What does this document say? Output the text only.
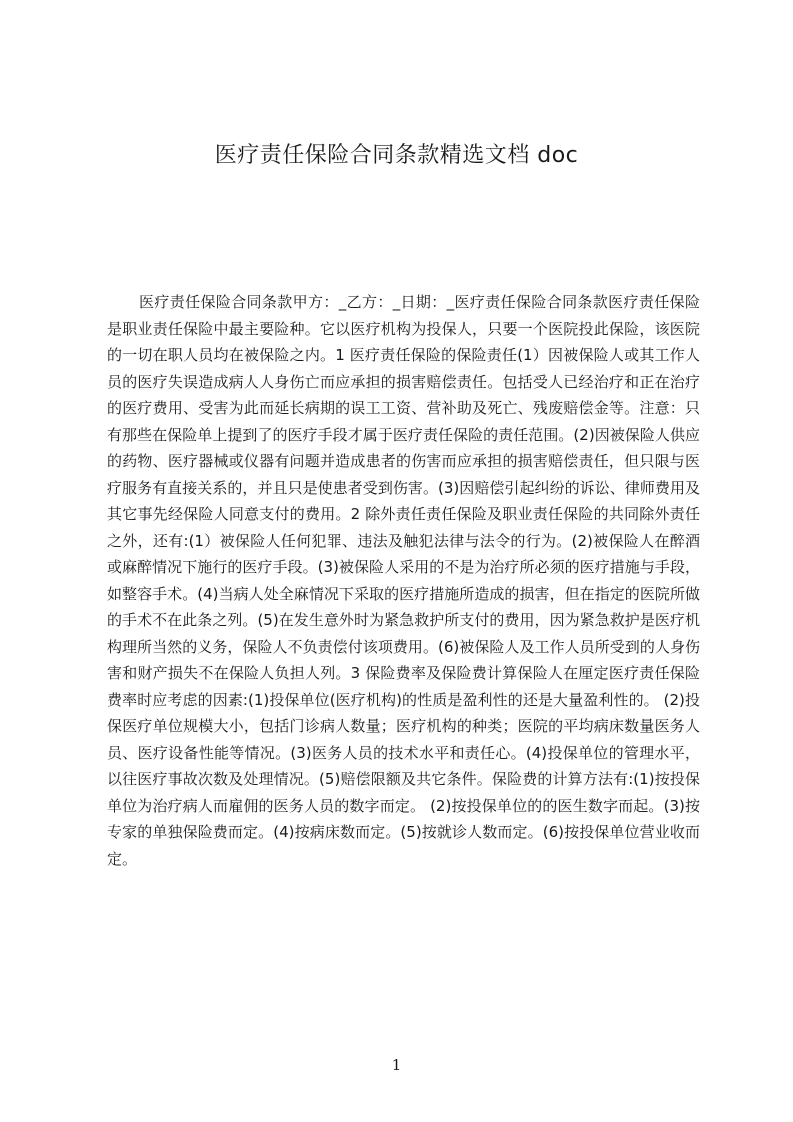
医疗责任保险合同条款精选文档 doc

医疗责任保险合同条款甲方：_乙方：_日期：_医疗责任保险合同条款医疗责任保险是职业责任保险中最主要险种。它以医疗机构为投保人，只要一个医院投此保险，该医院的一切在职人员均在被保险之内。1 医疗责任保险的保险责任(1）因被保险人或其工作人员的医疗失误造成病人人身伤亡而应承担的损害赔偿责任。包括受人已经治疗和正在治疗的医疗费用、受害为此而延长病期的误工工资、营补助及死亡、残废赔偿金等。注意：只有那些在保险单上提到了的医疗手段才属于医疗责任保险的责任范围。(2)因被保险人供应的药物、医疗器械或仪器有问题并造成患者的伤害而应承担的损害赔偿责任，但只限与医疗服务有直接关系的，并且只是使患者受到伤害。(3)因赔偿引起纠纷的诉讼、律师费用及其它事先经保险人同意支付的费用。2 除外责任责任保险及职业责任保险的共同除外责任之外，还有:(1）被保险人任何犯罪、违法及触犯法律与法令的行为。(2)被保险人在醉酒或麻醉情况下施行的医疗手段。(3)被保险人采用的不是为治疗所必须的医疗措施与手段，如整容手术。(4)当病人处全麻情况下采取的医疗措施所造成的损害，但在指定的医院所做的手术不在此条之列。(5)在发生意外时为紧急救护所支付的费用，因为紧急救护是医疗机构理所当然的义务，保险人不负责偿付该项费用。(6)被保险人及工作人员所受到的人身伤害和财产损失不在保险人负担人列。3 保险费率及保险费计算保险人在厘定医疗责任保险费率时应考虑的因素:(1)投保单位(医疗机构)的性质是盈利性的还是大量盈利性的。 (2)投保医疗单位规模大小，包括门诊病人数量；医疗机构的种类；医院的平均病床数量医务人员、医疗设备性能等情况。(3)医务人员的技术水平和责任心。(4)投保单位的管理水平，以往医疗事故次数及处理情况。(5)赔偿限额及共它条件。保险费的计算方法有:(1)按投保单位为治疗病人而雇佣的医务人员的数字而定。 (2)按投保单位的的医生数字而起。(3)按专家的单独保险费而定。(4)按病床数而定。(5)按就诊人数而定。(6)按投保单位营业收而定。

1
